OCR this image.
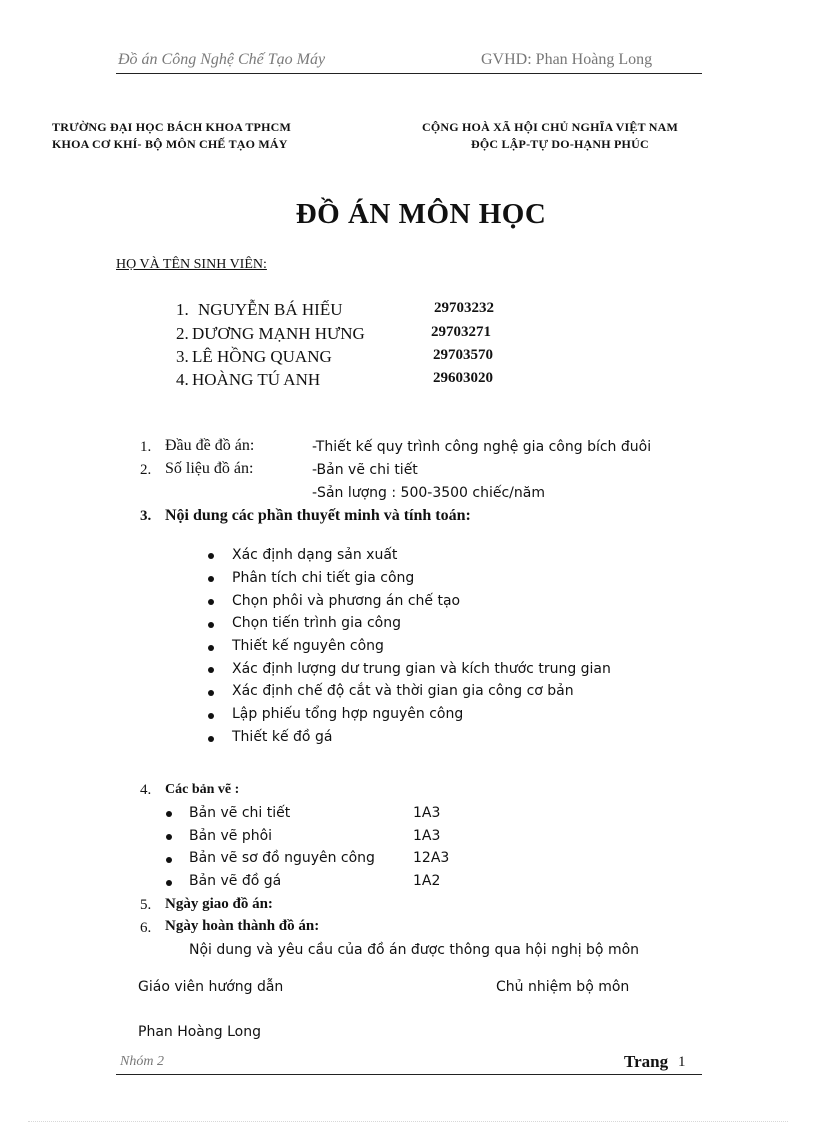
Đồ án Công Nghệ Chế Tạo Máy	GVHD: Phan Hoàng Long
TRƯỜNG ĐẠI HỌC BÁCH KHOA TPHCM
KHOA CƠ KHÍ- BỘ MÔN CHẾ TẠO MÁY
CỘNG HOÀ XÃ HỘI CHỦ NGHĨA VIỆT NAM
ĐỘC LẬP-TỰ DO-HẠNH PHÚC
ĐỒ ÁN MÔN HỌC
HỌ VÀ TÊN SINH VIÊN:
1. NGUYỄN BÁ HIẾU	29703232
2. DƯƠNG MẠNH HƯNG	29703271
3. LÊ HỒNG QUANG	29703570
4. HOÀNG TÚ ANH	29603020
1. Đầu đề đồ án:	-Thiết kế quy trình công nghệ gia công bích đuôi
2. Số liệu đồ án:	-Bản vẽ chi tiết
-Sản lượng : 500-3500 chiếc/năm
3. Nội dung các phần thuyết minh và tính toán:
Xác định dạng sản xuất
Phân tích chi tiết gia công
Chọn phôi và phương án chế tạo
Chọn tiến trình gia công
Thiết kế nguyên công
Xác định lượng dư trung gian và kích thước trung gian
Xác định chế độ cắt và thời gian gia công cơ bản
Lập phiếu tổng hợp nguyên công
Thiết kế đồ gá
4. Các bản vẽ :
Bản vẽ chi tiết	1A3
Bản vẽ phôi	1A3
Bản vẽ sơ đồ nguyên công	12A3
Bản vẽ đồ gá	1A2
5. Ngày giao đồ án:
6. Ngày hoàn thành đồ án:
Nội dung và yêu cầu của đồ án được thông qua hội nghị bộ môn
Giáo viên hướng dẫn	Chủ nhiệm bộ môn
Phan Hoàng Long
Nhóm 2	Trang 1
